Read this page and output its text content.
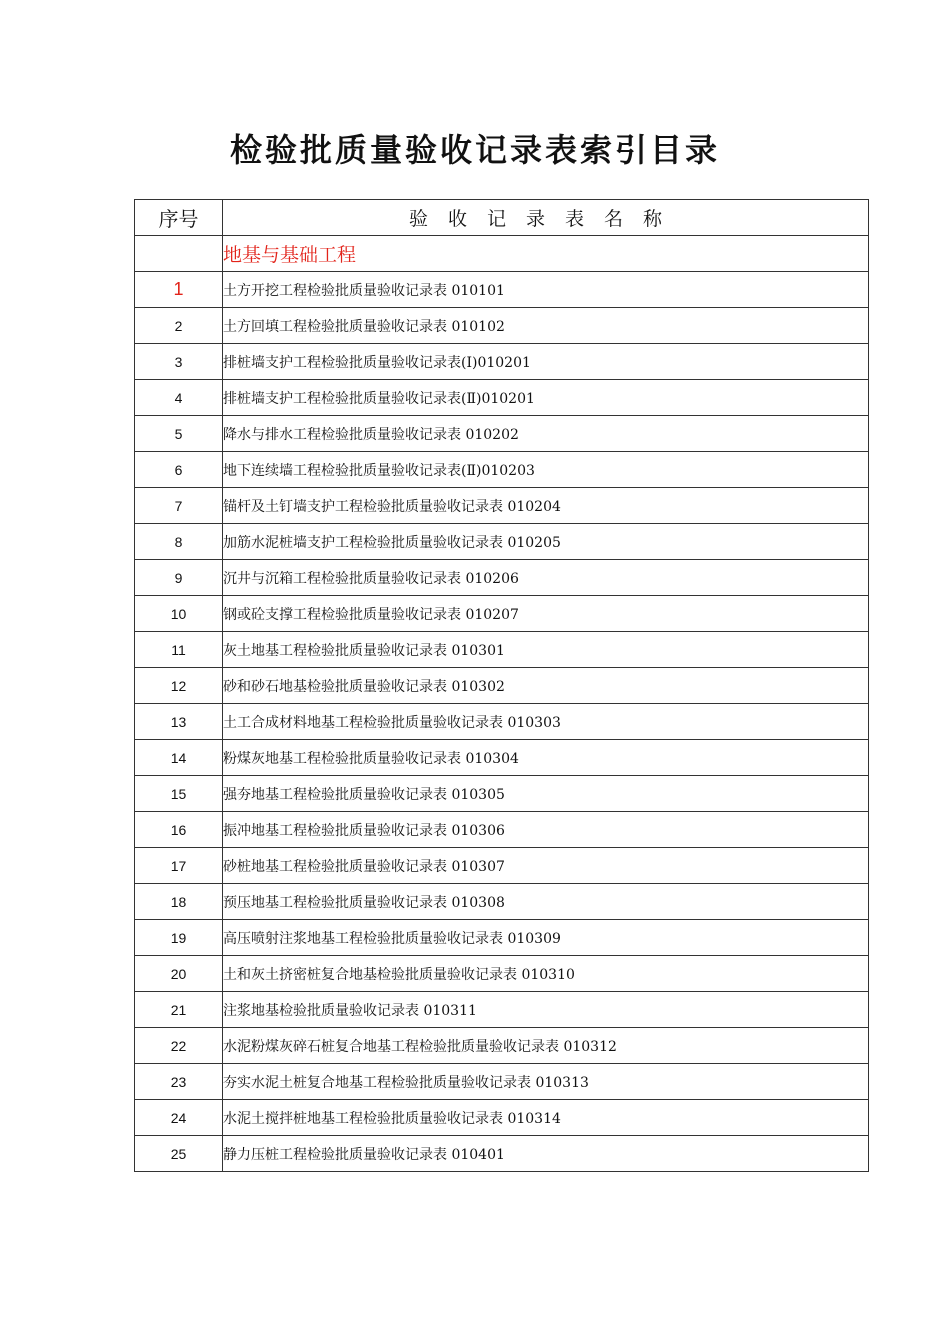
检验批质量验收记录表索引目录
序号	验收记录表名称
	地基与基础工程
1	土方开挖工程检验批质量验收记录表 010101
2	土方回填工程检验批质量验收记录表 010102
3	排桩墙支护工程检验批质量验收记录表(Ⅰ)010201
4	排桩墙支护工程检验批质量验收记录表(Ⅱ)010201
5	降水与排水工程检验批质量验收记录表 010202
6	地下连续墙工程检验批质量验收记录表(Ⅱ)010203
7	锚杆及土钉墙支护工程检验批质量验收记录表 010204
8	加筋水泥桩墙支护工程检验批质量验收记录表 010205
9	沉井与沉箱工程检验批质量验收记录表 010206
10	钢或砼支撑工程检验批质量验收记录表 010207
11	灰土地基工程检验批质量验收记录表 010301
12	砂和砂石地基检验批质量验收记录表 010302
13	土工合成材料地基工程检验批质量验收记录表 010303
14	粉煤灰地基工程检验批质量验收记录表 010304
15	强夯地基工程检验批质量验收记录表 010305
16	振冲地基工程检验批质量验收记录表 010306
17	砂桩地基工程检验批质量验收记录表 010307
18	预压地基工程检验批质量验收记录表 010308
19	高压喷射注浆地基工程检验批质量验收记录表 010309
20	土和灰土挤密桩复合地基检验批质量验收记录表 010310
21	注浆地基检验批质量验收记录表 010311
22	水泥粉煤灰碎石桩复合地基工程检验批质量验收记录表 010312
23	夯实水泥土桩复合地基工程检验批质量验收记录表 010313
24	水泥土搅拌桩地基工程检验批质量验收记录表 010314
25	静力压桩工程检验批质量验收记录表 010401
